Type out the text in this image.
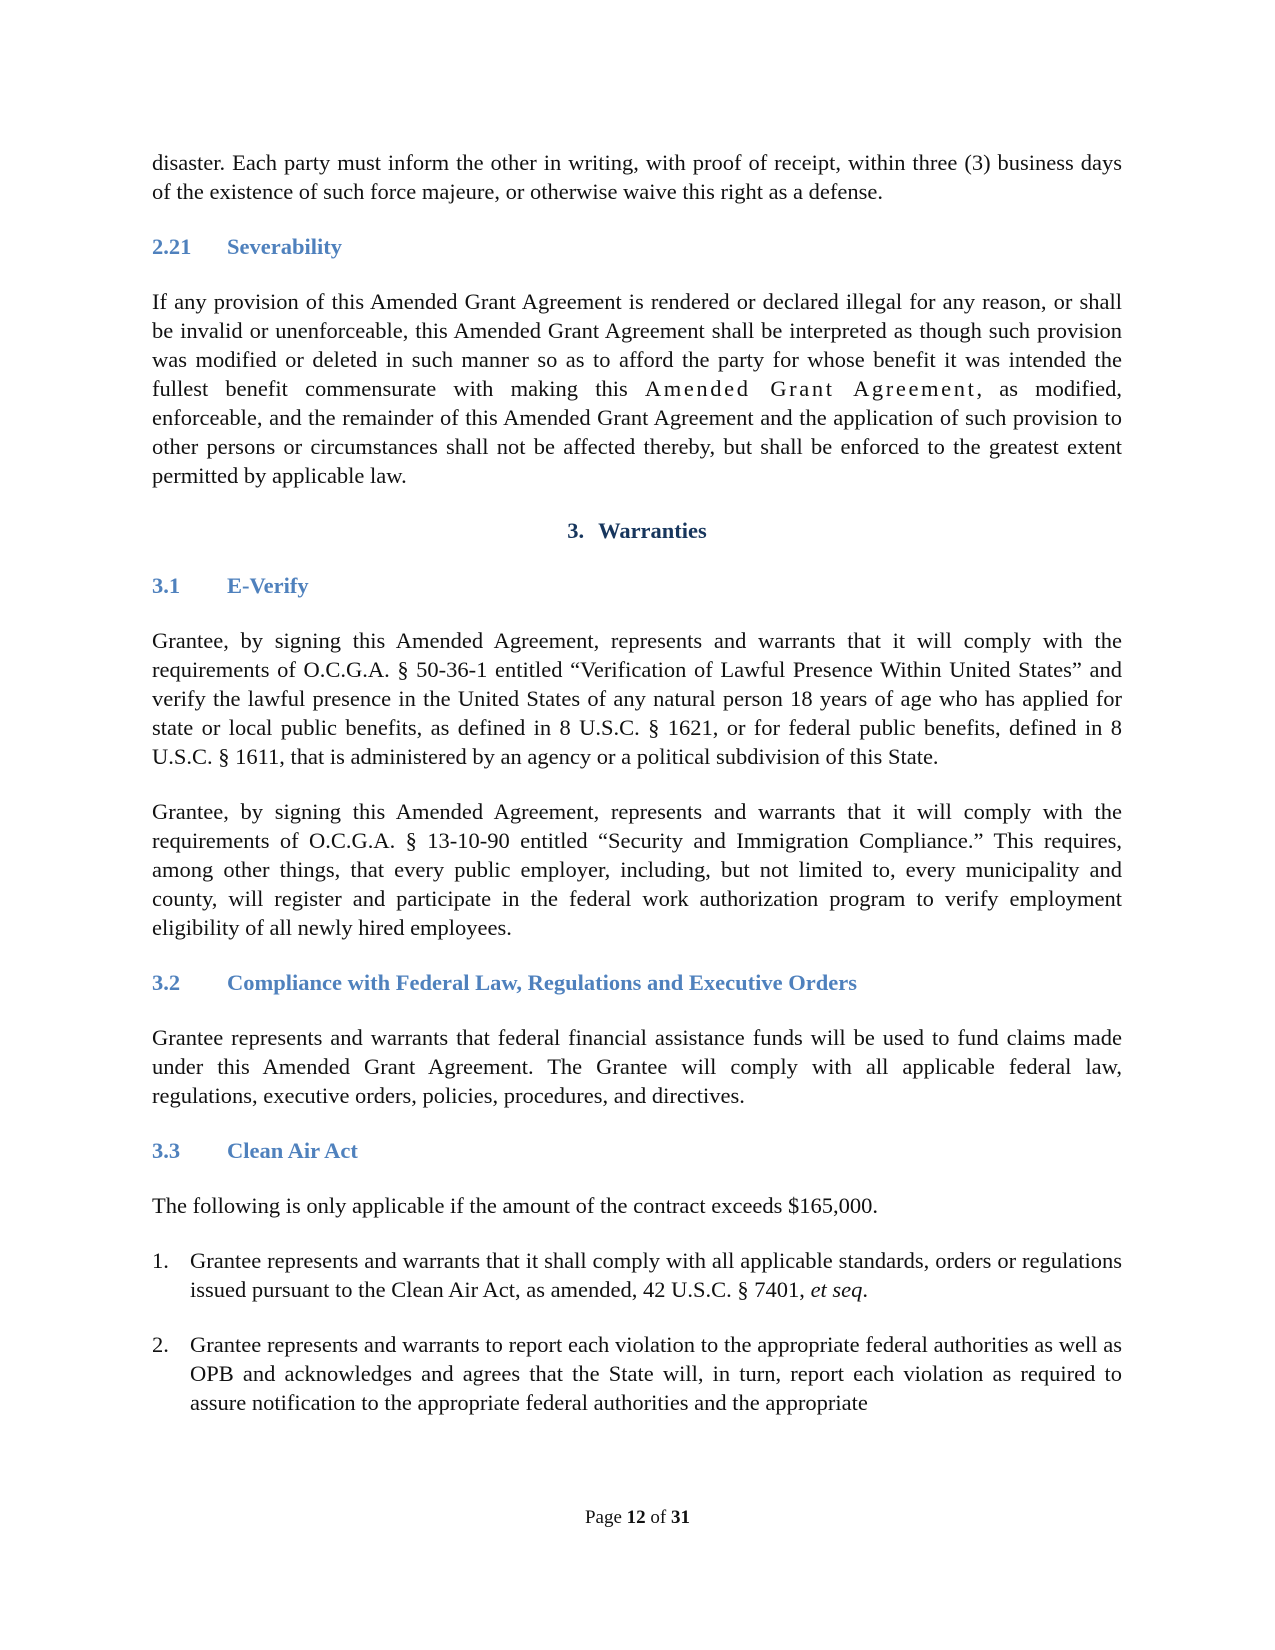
disaster. Each party must inform the other in writing, with proof of receipt, within three (3) business days of the existence of such force majeure, or otherwise waive this right as a defense.

2.21	Severability

If any provision of this Amended Grant Agreement is rendered or declared illegal for any reason, or shall be invalid or unenforceable, this Amended Grant Agreement shall be interpreted as though such provision was modified or deleted in such manner so as to afford the party for whose benefit it was intended the fullest benefit commensurate with making this Amended Grant Agreement, as modified, enforceable, and the remainder of this Amended Grant Agreement and the application of such provision to other persons or circumstances shall not be affected thereby, but shall be enforced to the greatest extent permitted by applicable law.

3. Warranties
3.1	E-Verify

Grantee, by signing this Amended Agreement, represents and warrants that it will comply with the requirements of O.C.G.A. § 50-36-1 entitled “Verification of Lawful Presence Within United States” and verify the lawful presence in the United States of any natural person 18 years of age who has applied for state or local public benefits, as defined in 8 U.S.C. § 1621, or for federal public benefits, defined in 8 U.S.C. § 1611, that is administered by an agency or a political subdivision of this State.

Grantee, by signing this Amended Agreement, represents and warrants that it will comply with the requirements of O.C.G.A. § 13-10-90 entitled “Security and Immigration Compliance.” This requires, among other things, that every public employer, including, but not limited to, every municipality and county, will register and participate in the federal work authorization program to verify employment eligibility of all newly hired employees.

3.2	Compliance with Federal Law, Regulations and Executive Orders

Grantee represents and warrants that federal financial assistance funds will be used to fund claims made under this Amended Grant Agreement. The Grantee will comply with all applicable federal law, regulations, executive orders, policies, procedures, and directives.

3.3	Clean Air Act

The following is only applicable if the amount of the contract exceeds $165,000.

1. Grantee represents and warrants that it shall comply with all applicable standards, orders or regulations issued pursuant to the Clean Air Act, as amended, 42 U.S.C. § 7401, et seq.
2. Grantee represents and warrants to report each violation to the appropriate federal authorities as well as OPB and acknowledges and agrees that the State will, in turn, report each violation as required to assure notification to the appropriate federal authorities and the appropriate
Page 12 of 31
